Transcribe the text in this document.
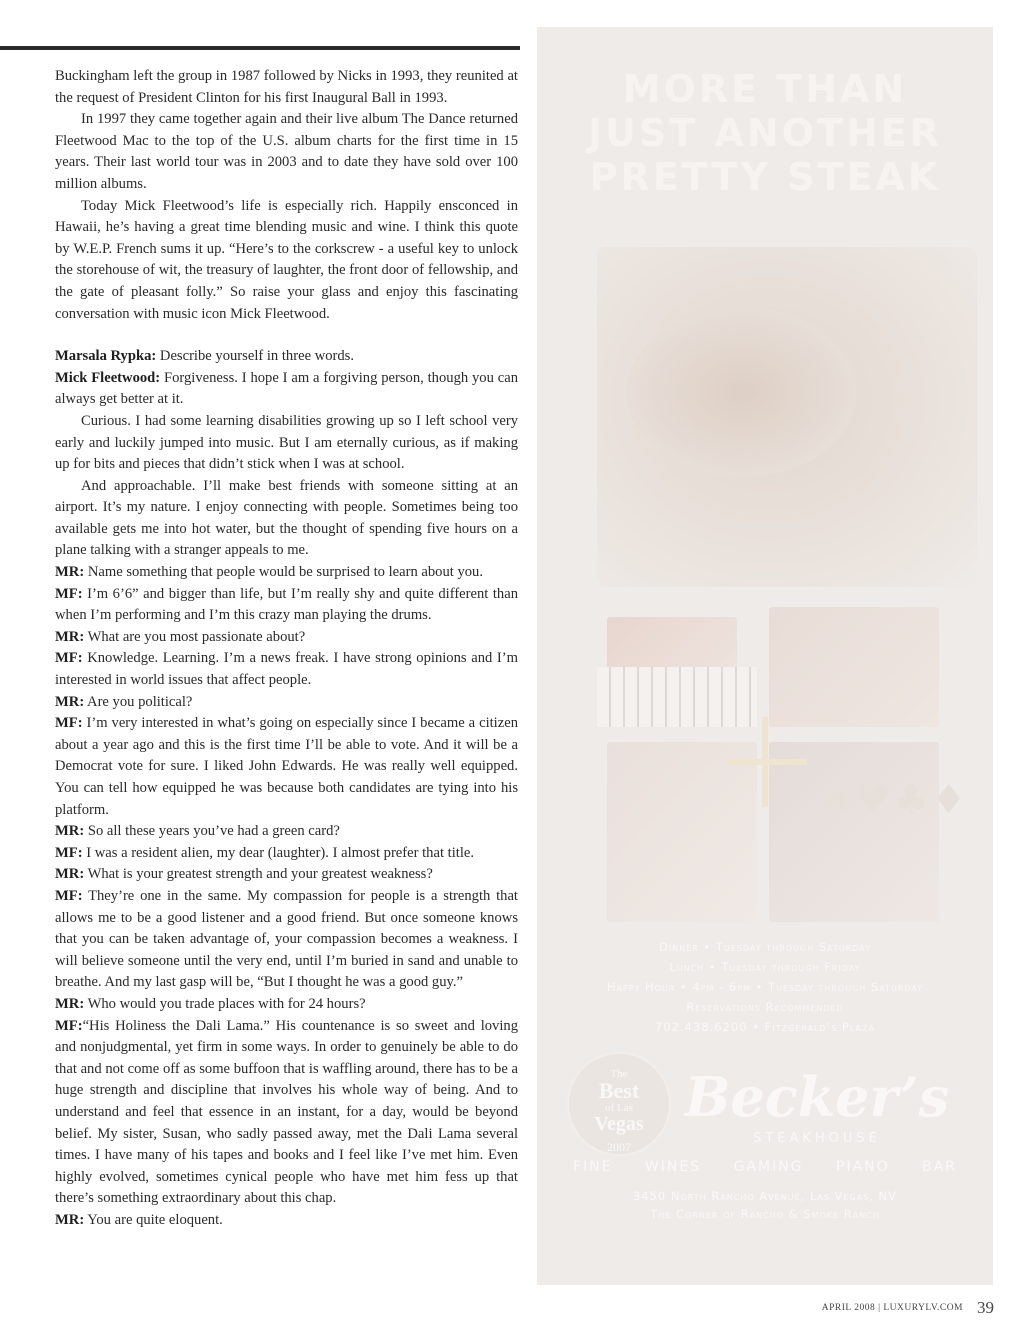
Buckingham left the group in 1987 followed by Nicks in 1993, they reunited at the request of President Clinton for his first Inaugural Ball in 1993.

In 1997 they came together again and their live album The Dance returned Fleetwood Mac to the top of the U.S. album charts for the first time in 15 years. Their last world tour was in 2003 and to date they have sold over 100 million albums.

Today Mick Fleetwood’s life is especially rich. Happily ensconced in Hawaii, he’s having a great time blending music and wine. I think this quote by W.E.P. French sums it up. “Here’s to the corkscrew - a useful key to unlock the storehouse of wit, the treasury of laughter, the front door of fellowship, and the gate of pleasant folly.” So raise your glass and enjoy this fascinating conversation with music icon Mick Fleetwood.

Marsala Rypka: Describe yourself in three words.

Mick Fleetwood: Forgiveness. I hope I am a forgiving person, though you can always get better at it.

Curious. I had some learning disabilities growing up so I left school very early and luckily jumped into music. But I am eternally curious, as if making up for bits and pieces that didn’t stick when I was at school.

And approachable. I’ll make best friends with someone sitting at an airport. It’s my nature. I enjoy connecting with people. Sometimes being too available gets me into hot water, but the thought of spending five hours on a plane talking with a stranger appeals to me.

MR: Name something that people would be surprised to learn about you.

MF: I’m 6’6” and bigger than life, but I’m really shy and quite different than when I’m performing and I’m this crazy man playing the drums.

MR: What are you most passionate about?

MF: Knowledge. Learning. I’m a news freak. I have strong opinions and I’m interested in world issues that affect people.

MR: Are you political?

MF: I’m very interested in what’s going on especially since I became a citizen about a year ago and this is the first time I’ll be able to vote. And it will be a Democrat vote for sure. I liked John Edwards. He was really well equipped. You can tell how equipped he was because both candidates are tying into his platform.

MR: So all these years you’ve had a green card?

MF: I was a resident alien, my dear (laughter). I almost prefer that title.

MR: What is your greatest strength and your greatest weakness?

MF: They’re one in the same. My compassion for people is a strength that allows me to be a good listener and a good friend. But once someone knows that you can be taken advantage of, your compassion becomes a weakness. I will believe someone until the very end, until I’m buried in sand and unable to breathe. And my last gasp will be, “But I thought he was a good guy.”

MR: Who would you trade places with for 24 hours?

MF:“His Holiness the Dali Lama.” His countenance is so sweet and loving and nonjudgmental, yet firm in some ways. In order to genuinely be able to do that and not come off as some buffoon that is waffling around, there has to be a huge strength and discipline that involves his whole way of being. And to understand and feel that essence in an instant, for a day, would be beyond belief. My sister, Susan, who sadly passed away, met the Dali Lama several times. I have many of his tapes and books and I feel like I’ve met him. Even highly evolved, sometimes cynical people who have met him fess up that there’s something extraordinary about this chap.

MR: You are quite eloquent.

MORE THAN
JUST ANOTHER
PRETTY STEAK
♠♥♣♦
Dinner • Tuesday through Saturday
Lunch • Tuesday through Friday
Happy Hour • 4pm - 6pm • Tuesday through Saturday
Reservations Recommended
702.438.6200 • Fitzgerald’s Plaza
The
Best
of Las
Vegas
2007
Becker’s
STEAKHOUSE
FINE WINES GAMING PIANO BAR
3450 North Rancho Avenue, Las Vegas, NV
The Corner of Rancho & Smoke Ranch
APRIL 2008 | LUXURYLV.COM 39
